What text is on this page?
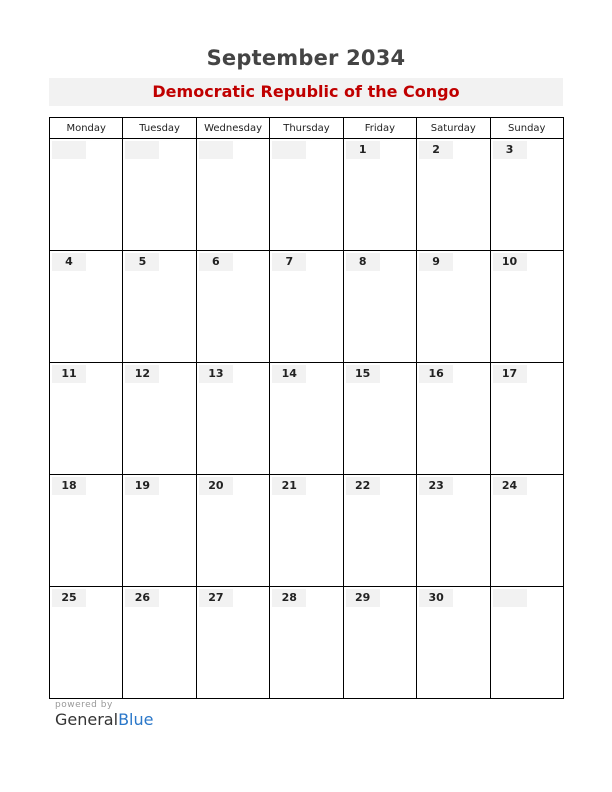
September 2034
Democratic Republic of the Congo
Monday	Tuesday	Wednesday	Thursday	Friday	Saturday	Sunday

				1	2	3

4	5	6	7	8	9	10

11	12	13	14	15	16	17

18	19	20	21	22	23	24

25	26	27	28	29	30	

powered by
GeneralBlue
